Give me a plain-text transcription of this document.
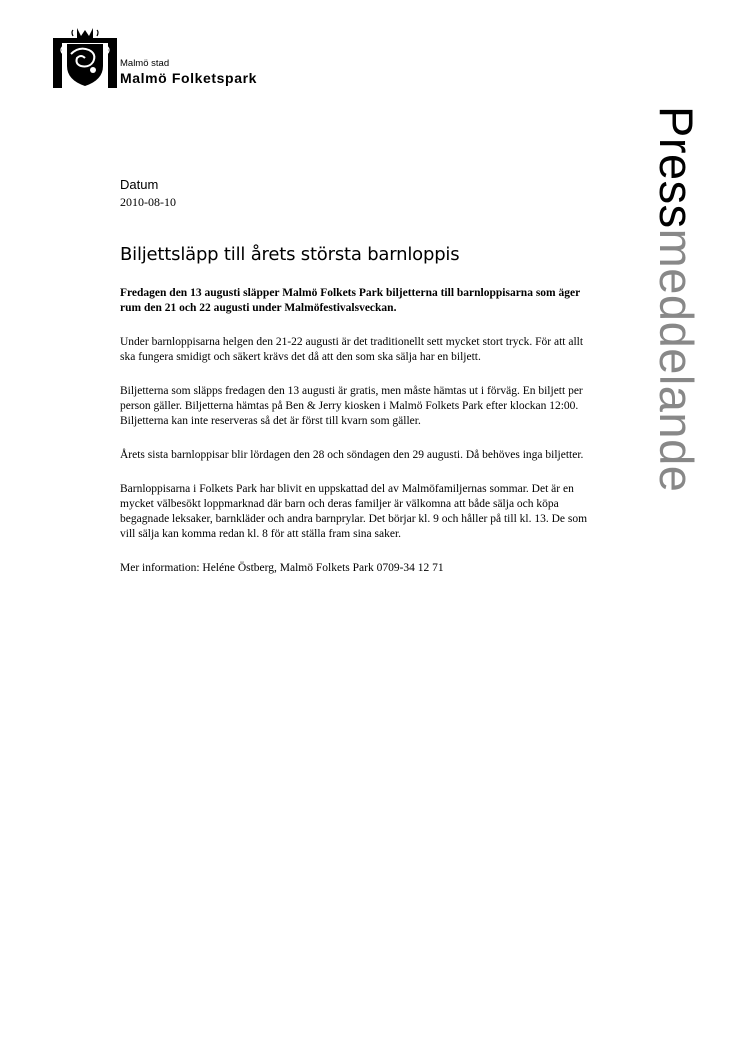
Malmö stad
Malmö Folketspark
Pressmeddelande
Datum
2010-08-10
Biljettsläpp till årets största barnloppis

Fredagen den 13 augusti släpper Malmö Folkets Park biljetterna till barnloppisarna som äger rum den 21 och 22 augusti under Malmöfestivalsveckan.

Under barnloppisarna helgen den 21-22 augusti är det traditionellt sett mycket stort tryck. För att allt ska fungera smidigt och säkert krävs det då att den som ska sälja har en biljett.

Biljetterna som släpps fredagen den 13 augusti är gratis, men måste hämtas ut i förväg. En biljett per person gäller. Biljetterna hämtas på Ben & Jerry kiosken i Malmö Folkets Park efter klockan 12:00. Biljetterna kan inte reserveras så det är först till kvarn som gäller.

Årets sista barnloppisar blir lördagen den 28 och söndagen den 29 augusti. Då behöves inga biljetter.

Barnloppisarna i Folkets Park har blivit en uppskattad del av Malmöfamiljernas sommar. Det är en mycket välbesökt loppmarknad där barn och deras familjer är välkomna att både sälja och köpa begagnade leksaker, barnkläder och andra barnprylar. Det börjar kl. 9 och håller på till kl. 13. De som vill sälja kan komma redan kl. 8 för att ställa fram sina saker.

Mer information: Heléne Östberg, Malmö Folkets Park 0709-34 12 71
